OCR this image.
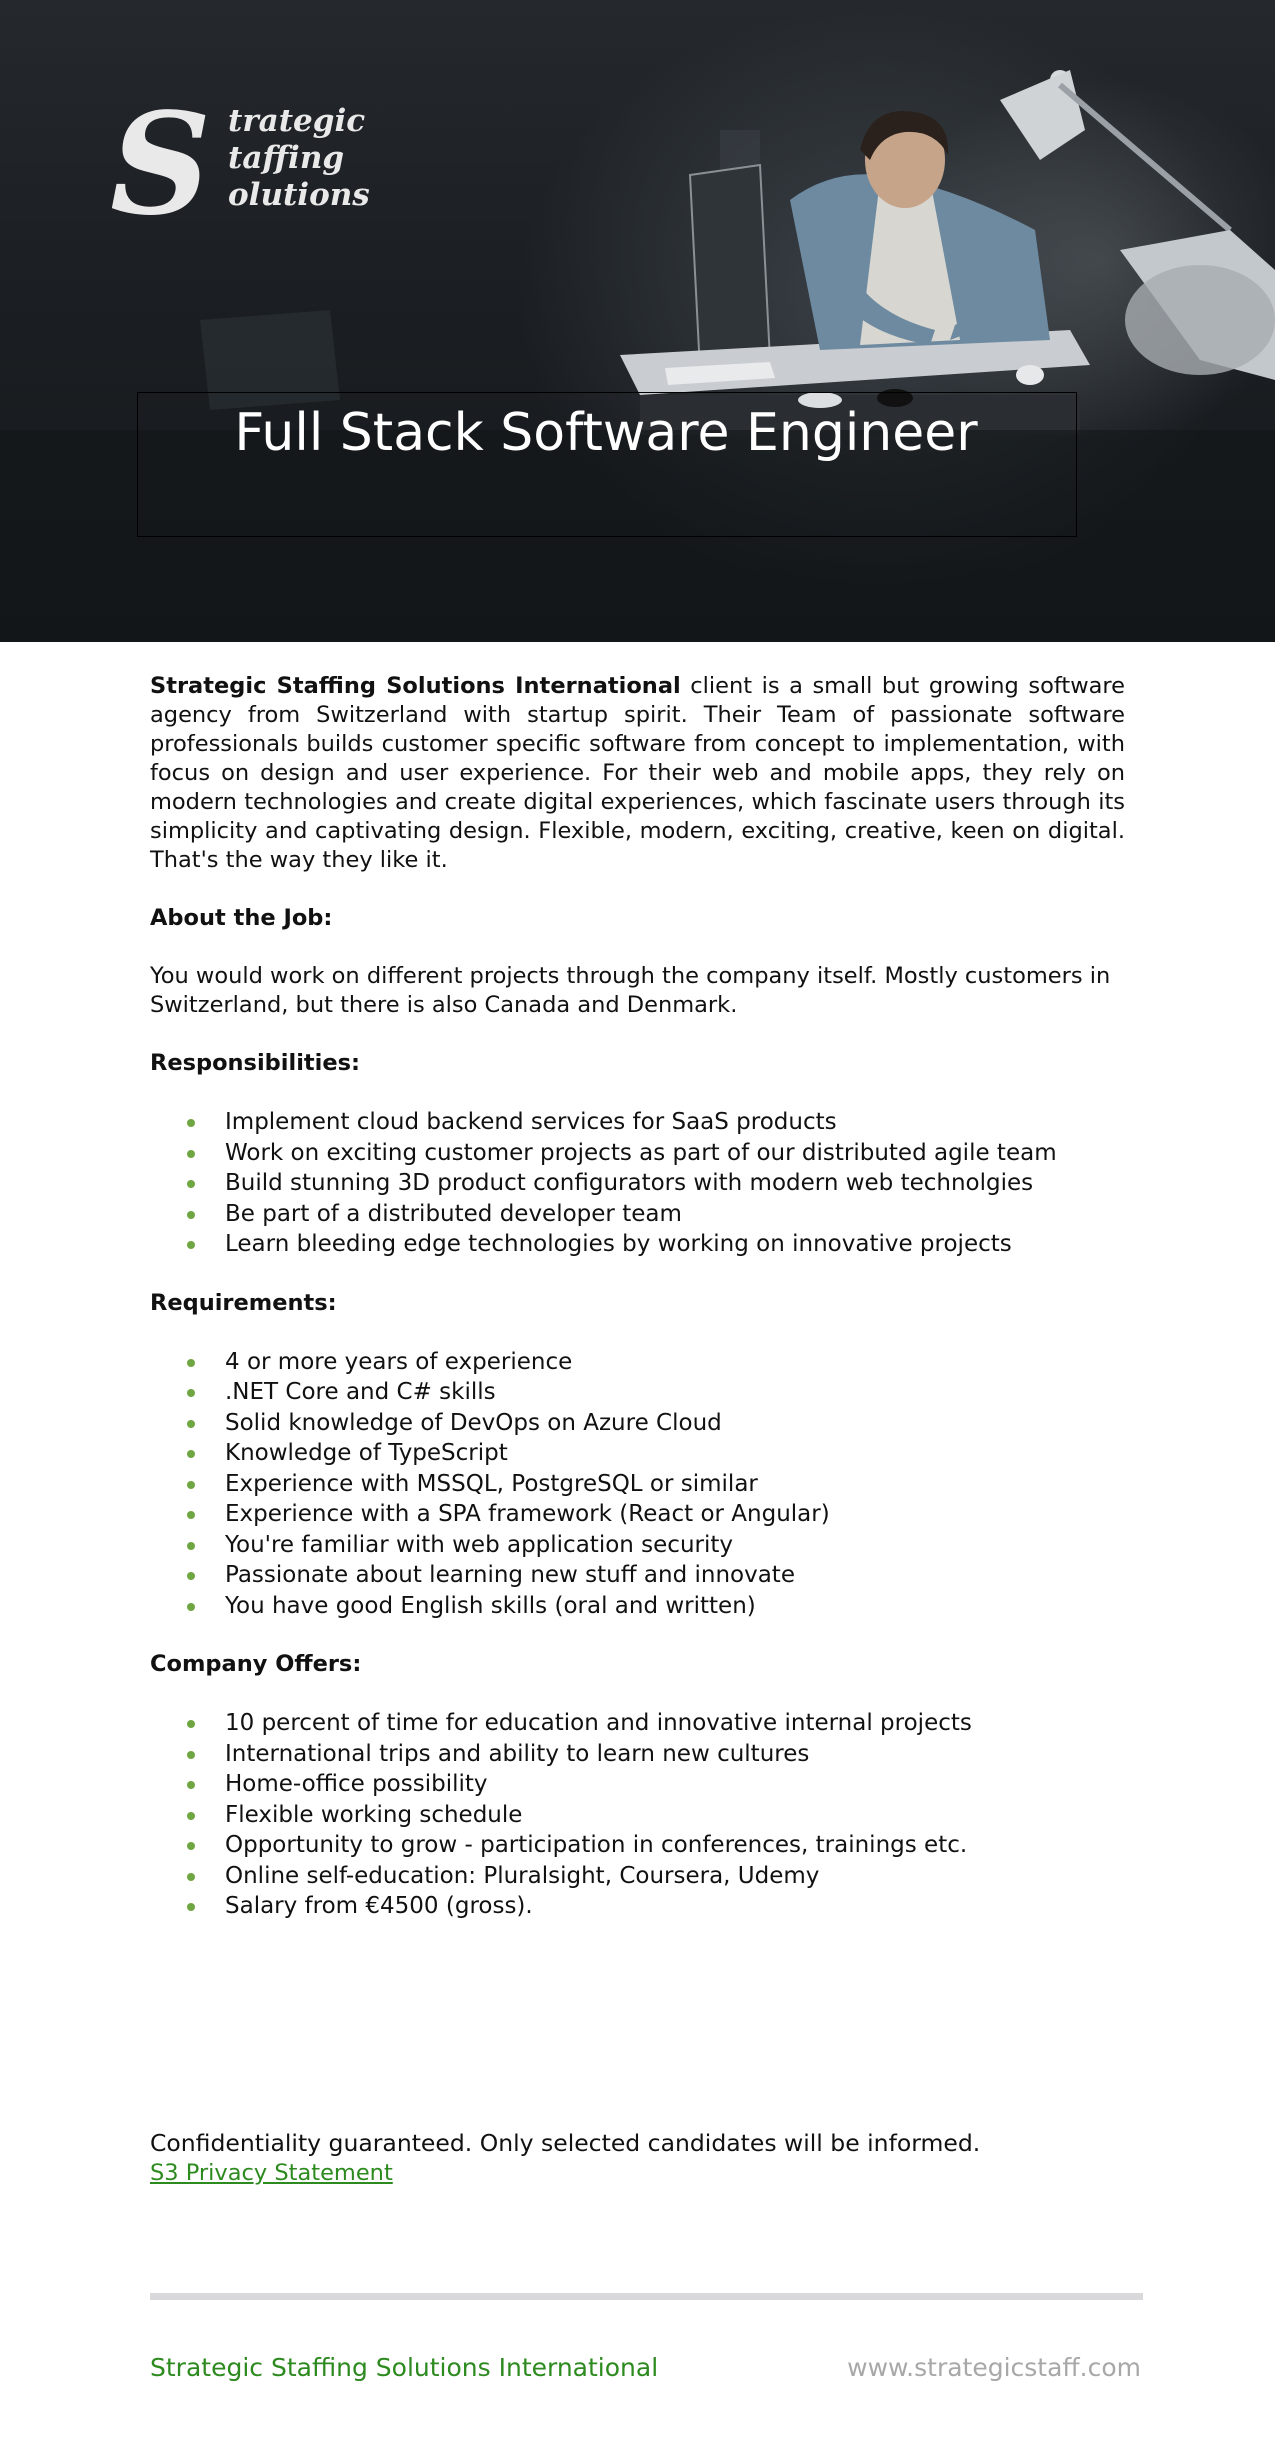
S trategic
taffing
olutions
Full Stack Software Engineer

Strategic Staffing Solutions International client is a small but growing software agency from Switzerland with startup spirit. Their Team of passionate software professionals builds customer specific software from concept to implementation, with focus on design and user experience. For their web and mobile apps, they rely on modern technologies and create digital experiences, which fascinate users through its simplicity and captivating design. Flexible, modern, exciting, creative, keen on digital. That's the way they like it.

About the Job:

You would work on different projects through the company itself. Mostly customers in Switzerland, but there is also Canada and Denmark.

Responsibilities:

Implement cloud backend services for SaaS products
Work on exciting customer projects as part of our distributed agile team
Build stunning 3D product configurators with modern web technolgies
Be part of a distributed developer team
Learn bleeding edge technologies by working on innovative projects

Requirements:

4 or more years of experience
.NET Core and C# skills
Solid knowledge of DevOps on Azure Cloud
Knowledge of TypeScript
Experience with MSSQL, PostgreSQL or similar
Experience with a SPA framework (React or Angular)
You're familiar with web application security
Passionate about learning new stuff and innovate
You have good English skills (oral and written)

Company Offers:

10 percent of time for education and innovative internal projects
International trips and ability to learn new cultures
Home-office possibility
Flexible working schedule
Opportunity to grow - participation in conferences, trainings etc.
Online self-education: Pluralsight, Coursera, Udemy
Salary from €4500 (gross).
Confidentiality guaranteed. Only selected candidates will be informed.
S3 Privacy Statement
Strategic Staffing Solutions International	www.strategicstaff.com
